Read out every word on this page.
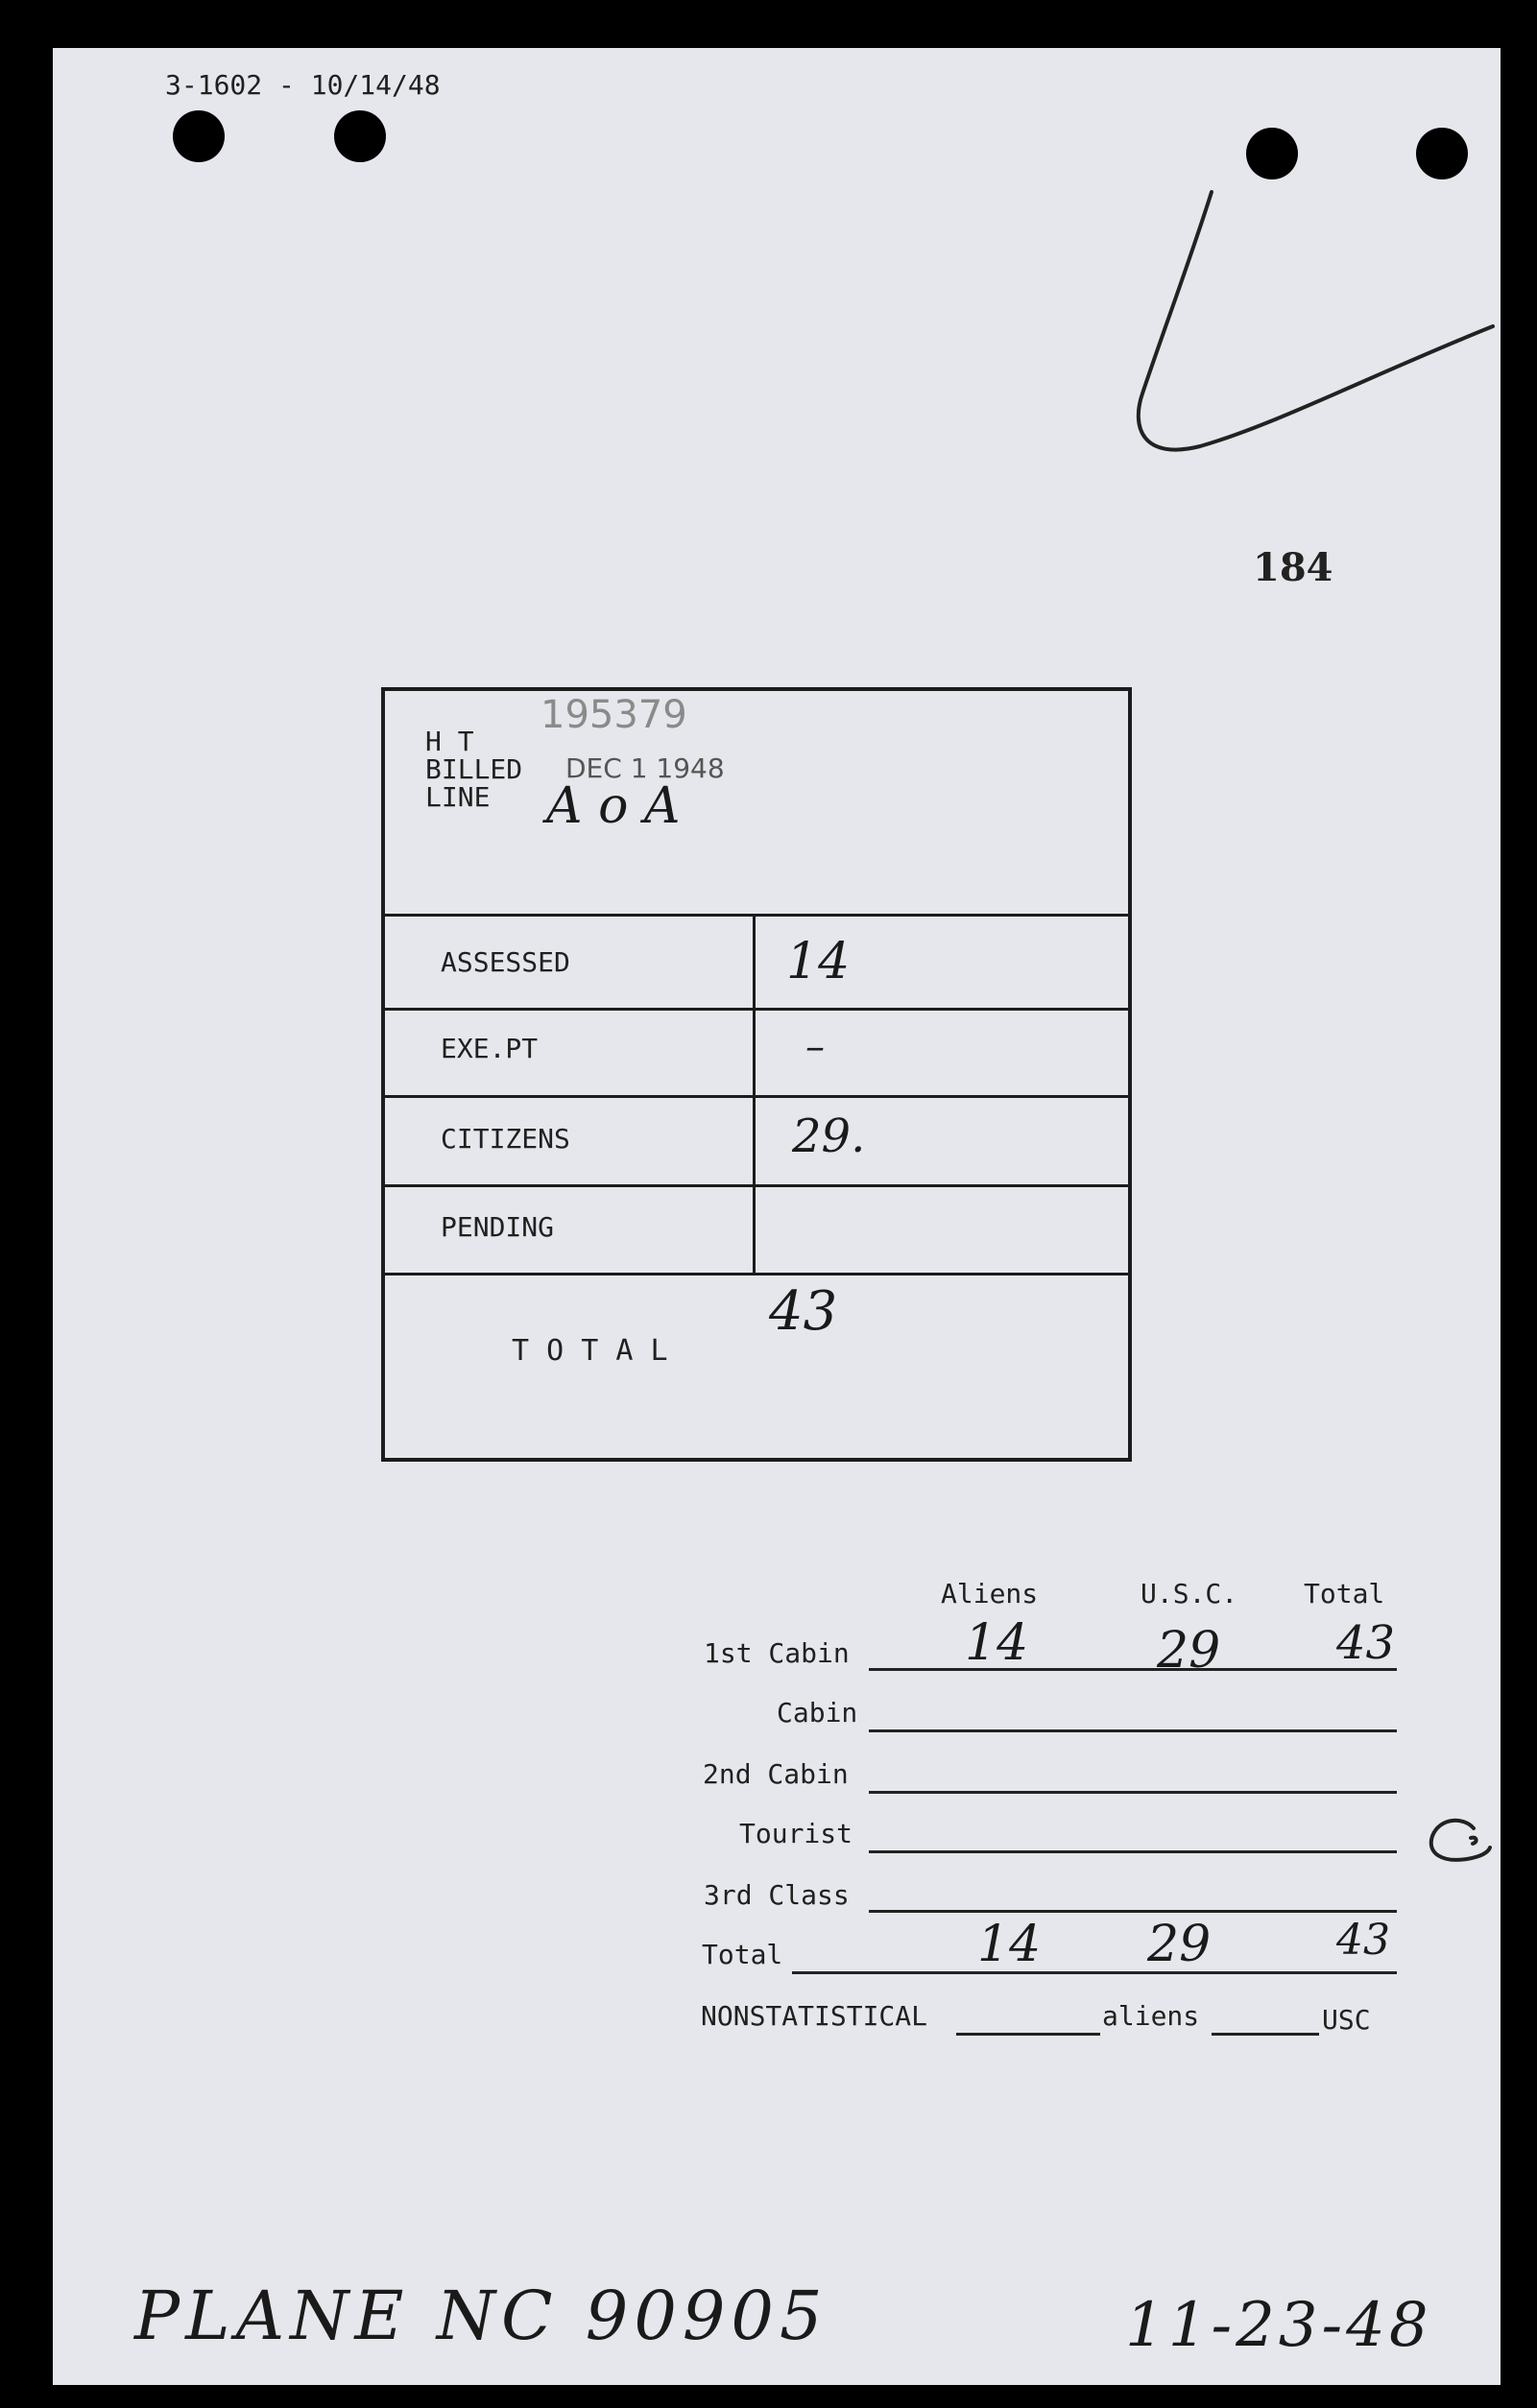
3-1602 - 10/14/48
184
195379
H T
BILLED DEC 1 1948
LINE A o A
ASSESSED	14
EXE.PT	–
CITIZENS	29.
PENDING
T O T A L
43
Aliens	U.S.C. Total
1st Cabin 14	29	43
Cabin
2nd Cabin
Tourist
3rd Class
Total	14 29	43
NONSTATISTICAL	aliens	USC
PLANE NC 90905	11-23-48
